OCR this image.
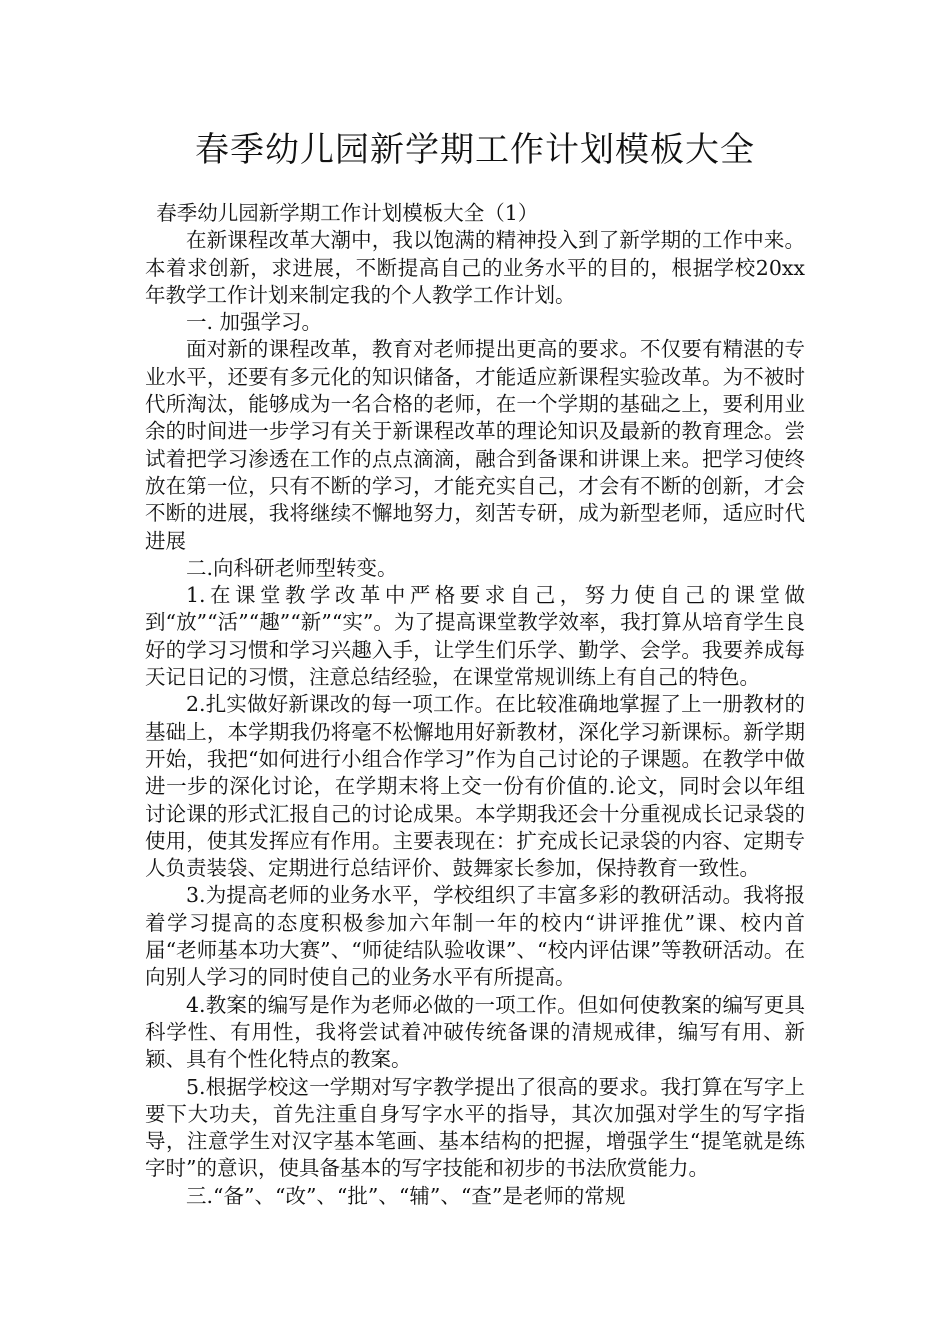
春季幼儿园新学期工作计划模板大全

春季幼儿园新学期工作计划模板大全（1）

在新课程改革大潮中，我以饱满的精神投入到了新学期的工作中来。本着求创新，求进展，不断提高自己的业务水平的目的，根据学校20xx年教学工作计划来制定我的个人教学工作计划。

一. 加强学习。

面对新的课程改革，教育对老师提出更高的要求。不仅要有精湛的专业水平，还要有多元化的知识储备，才能适应新课程实验改革。为不被时代所淘汰，能够成为一名合格的老师，在一个学期的基础之上，要利用业余的时间进一步学习有关于新课程改革的理论知识及最新的教育理念。尝试着把学习渗透在工作的点点滴滴，融合到备课和讲课上来。把学习使终放在第一位，只有不断的学习，才能充实自己，才会有不断的创新，才会不断的进展，我将继续不懈地努力，刻苦专研，成为新型老师，适应时代进展

二.向科研老师型转变。

1.在课堂教学改革中严格要求自己，努力使自己的课堂做到“放”“活”“趣”“新”“实”。为了提高课堂教学效率，我打算从培育学生良好的学习习惯和学习兴趣入手，让学生们乐学、勤学、会学。我要养成每天记日记的习惯，注意总结经验，在课堂常规训练上有自己的特色。

2.扎实做好新课改的每一项工作。在比较准确地掌握了上一册教材的基础上，本学期我仍将毫不松懈地用好新教材，深化学习新课标。新学期开始，我把“如何进行小组合作学习”作为自己讨论的子课题。在教学中做进一步的深化讨论，在学期末将上交一份有价值的.论文，同时会以年组讨论课的形式汇报自己的讨论成果。本学期我还会十分重视成长记录袋的使用，使其发挥应有作用。主要表现在：扩充成长记录袋的内容、定期专人负责装袋、定期进行总结评价、鼓舞家长参加，保持教育一致性。

3.为提高老师的业务水平，学校组织了丰富多彩的教研活动。我将报着学习提高的态度积极参加六年制一年的校内“讲评推优”课、校内首届“老师基本功大赛”、“师徒结队验收课”、“校内评估课”等教研活动。在向别人学习的同时使自己的业务水平有所提高。

4.教案的编写是作为老师必做的一项工作。但如何使教案的编写更具科学性、有用性，我将尝试着冲破传统备课的清规戒律，编写有用、新颖、具有个性化特点的教案。

5.根据学校这一学期对写字教学提出了很高的要求。我打算在写字上要下大功夫，首先注重自身写字水平的指导，其次加强对学生的写字指导，注意学生对汉字基本笔画、基本结构的把握，增强学生“提笔就是练字时”的意识，使具备基本的写字技能和初步的书法欣赏能力。

三.“备”、“改”、“批”、“辅”、“查”是老师的常规
